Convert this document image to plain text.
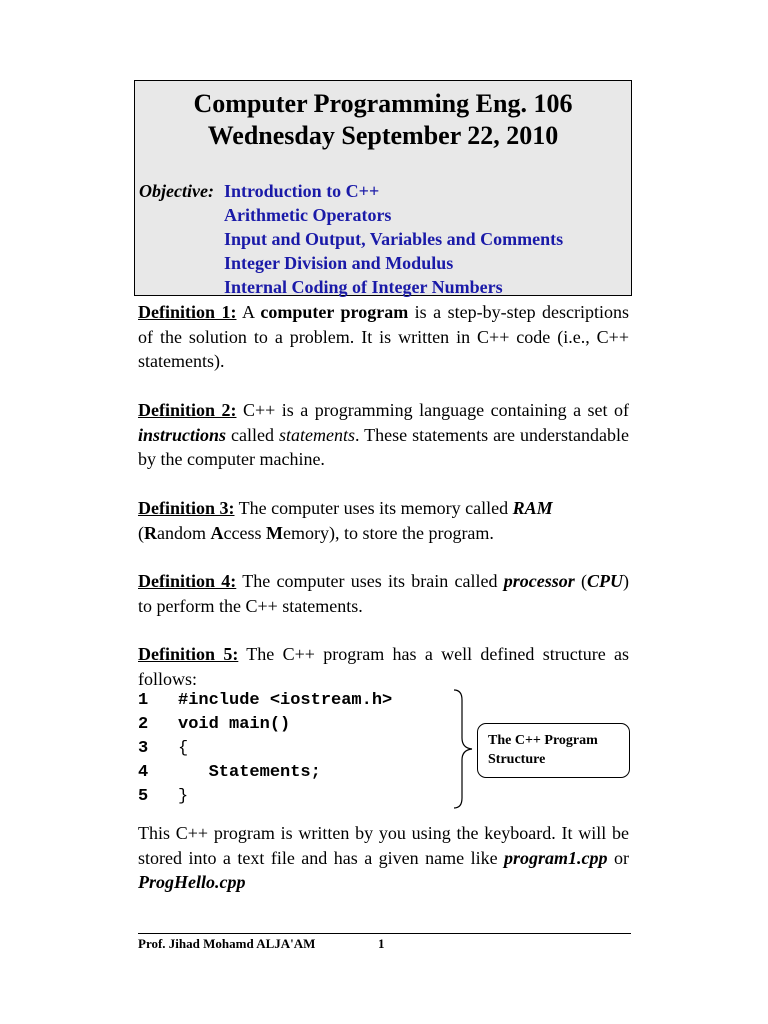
Computer Programming Eng. 106
Wednesday September 22, 2010
Objective: Introduction to C++
Arithmetic Operators
Input and Output, Variables and Comments
Integer Division and Modulus
Internal Coding of Integer Numbers

Definition 1: A computer program is a step-by-step descriptions of the solution to a problem. It is written in C++ code (i.e., C++ statements).

Definition 2: C++ is a programming language containing a set of instructions called statements. These statements are understandable by the computer machine.

Definition 3: The computer uses its memory called RAM
(Random Access Memory), to store the program.

Definition 4: The computer uses its brain called processor (CPU) to perform the C++ statements.

Definition 5: The C++ program has a well defined structure as follows:

1 #include <iostream.h>
2 void main()
3 {
4   Statements;
5 }
The C++ Program
Structure

This C++ program is written by you using the keyboard. It will be stored into a text file and has a given name like program1.cpp or ProgHello.cpp

Prof. Jihad Mohamd ALJA'AM	1
